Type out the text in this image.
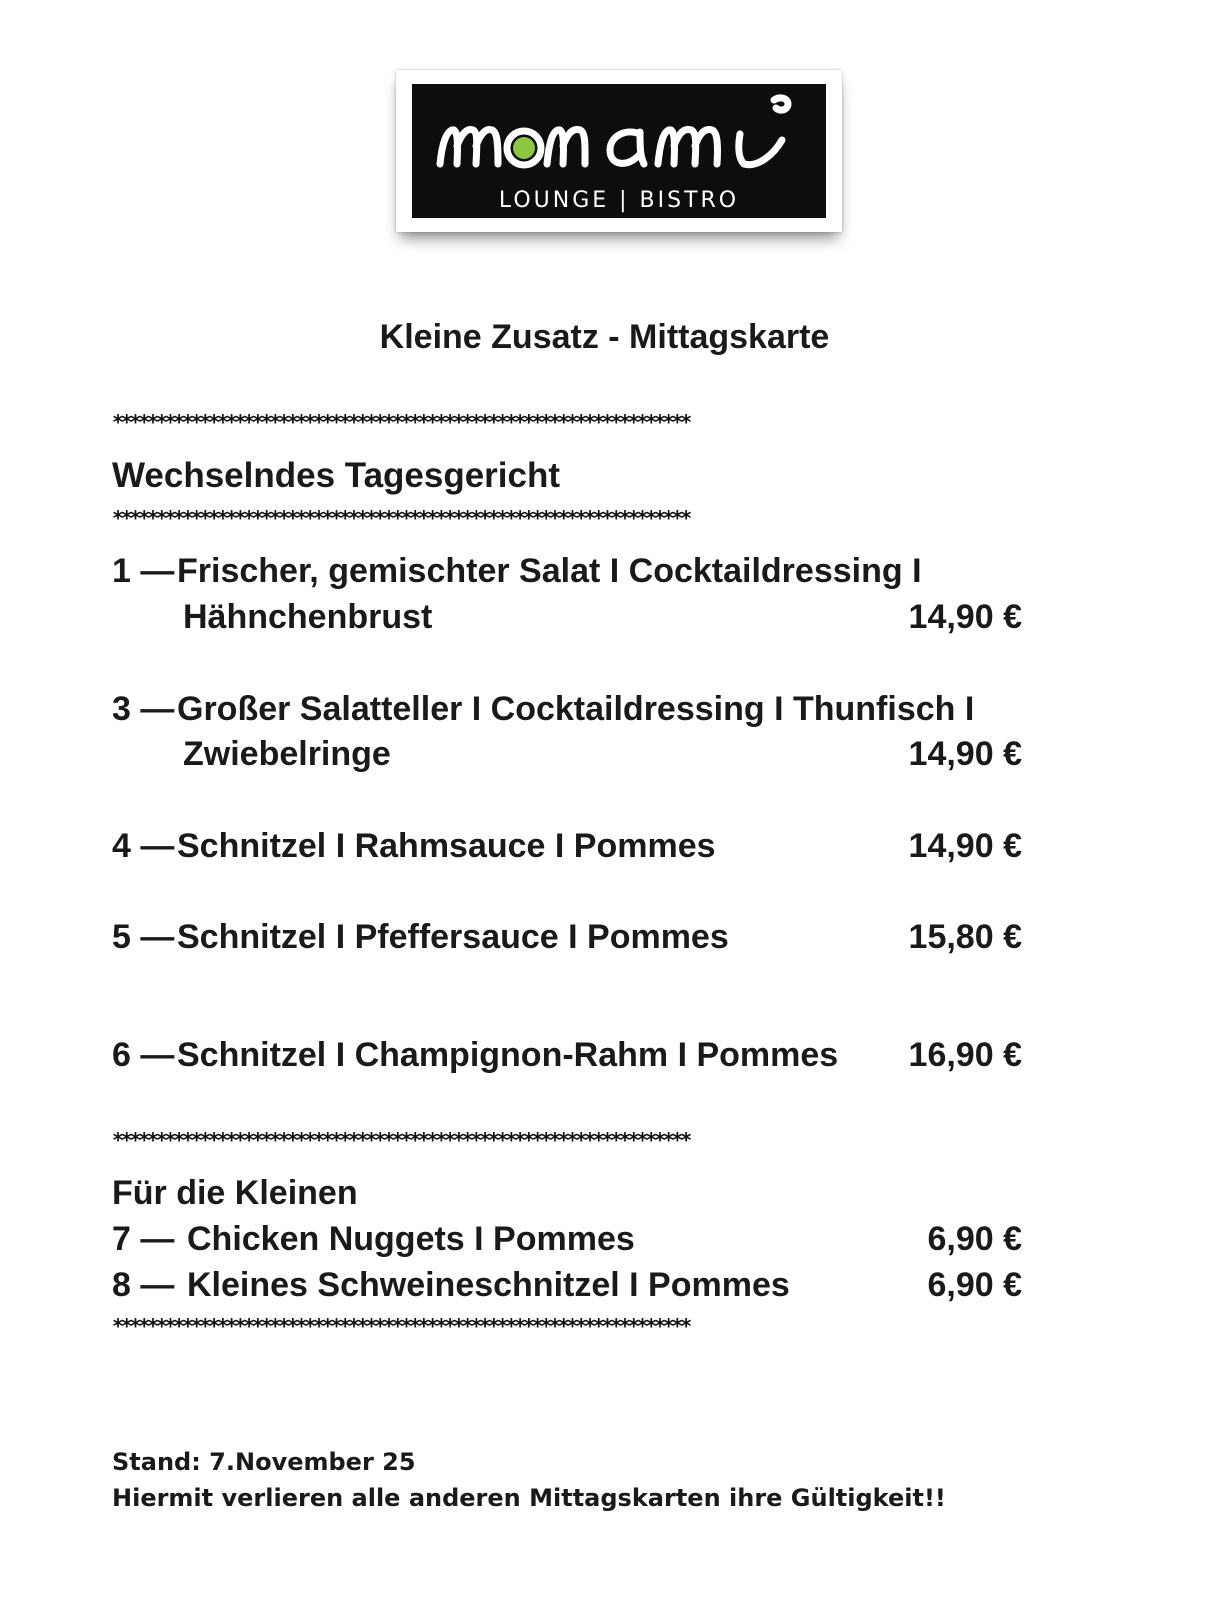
LOUNGE | BISTRO
Kleine Zusatz - Mittagskarte
******************************************************************
Wechselndes Tagesgericht
******************************************************************
1 —Frischer, gemischter Salat I Cocktaildressing I
Hähnchenbrust	14,90 €
3 —Großer Salatteller I Cocktaildressing I Thunfisch I
Zwiebelringe	14,90 €
4 —Schnitzel I Rahmsauce I Pommes	14,90 €
5 —Schnitzel I Pfeffersauce I Pommes	15,80 €
6 —Schnitzel I Champignon-Rahm I Pommes 16,90 €
******************************************************************
Für die Kleinen
7 — Chicken Nuggets I Pommes	6,90 €
8 — Kleines Schweineschnitzel I Pommes	6,90 €
******************************************************************
Stand: 7.November 25
Hiermit verlieren alle anderen Mittagskarten ihre Gültigkeit!!
